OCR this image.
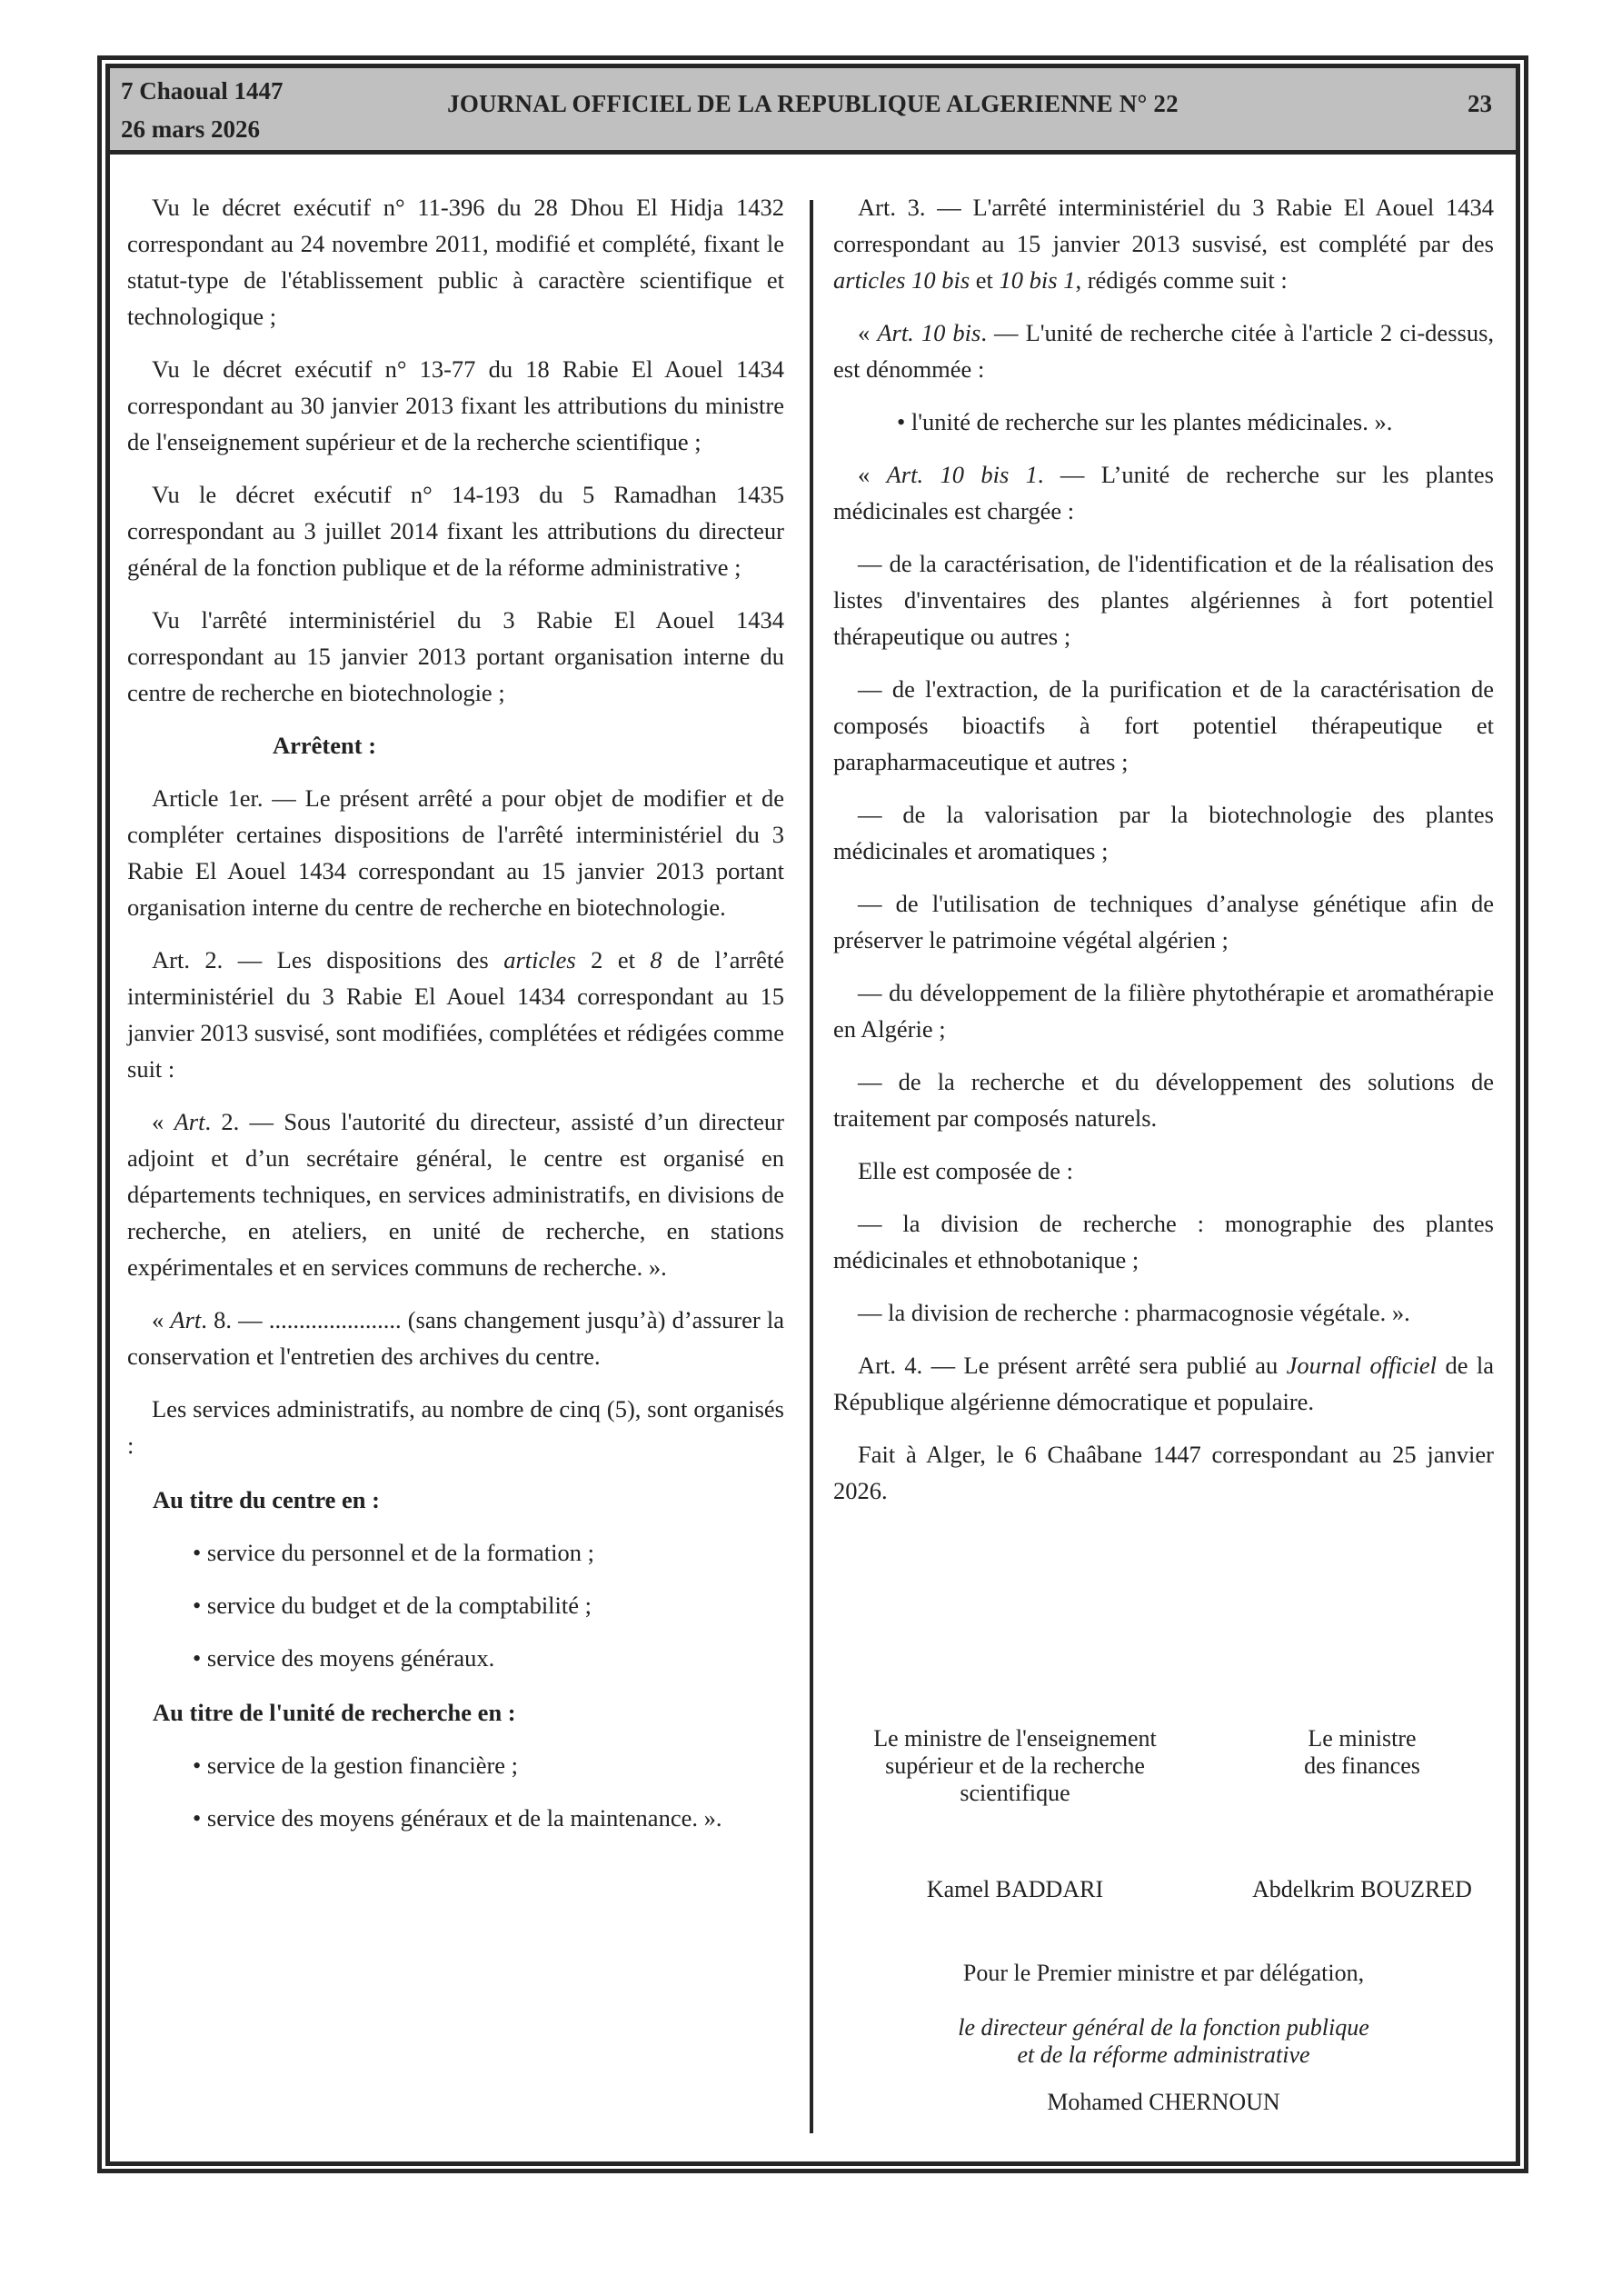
7 Chaoual 1447
26 mars 2026
JOURNAL OFFICIEL DE LA REPUBLIQUE ALGERIENNE N° 22	23

Vu le décret exécutif n° 11-396 du 28 Dhou El Hidja 1432 correspondant au 24 novembre 2011, modifié et complété, fixant le statut-type de l'établissement public à caractère scientifique et technologique ;

Vu le décret exécutif n° 13-77 du 18 Rabie El Aouel 1434 correspondant au 30 janvier 2013 fixant les attributions du ministre de l'enseignement supérieur et de la recherche scientifique ;

Vu le décret exécutif n° 14-193 du 5 Ramadhan 1435 correspondant au 3 juillet 2014 fixant les attributions du directeur général de la fonction publique et de la réforme administrative ;

Vu l'arrêté interministériel du 3 Rabie El Aouel 1434 correspondant au 15 janvier 2013 portant organisation interne du centre de recherche en biotechnologie ;

Arrêtent :

Article 1er. — Le présent arrêté a pour objet de modifier et de compléter certaines dispositions de l'arrêté interministériel du 3 Rabie El Aouel 1434 correspondant au 15 janvier 2013 portant organisation interne du centre de recherche en biotechnologie.

Art. 2. — Les dispositions des articles 2 et 8 de l’arrêté interministériel du 3 Rabie El Aouel 1434 correspondant au 15 janvier 2013 susvisé, sont modifiées, complétées et rédigées comme suit :

« Art. 2. — Sous l'autorité du directeur, assisté d’un directeur adjoint et d’un secrétaire général, le centre est organisé en départements techniques, en services administratifs, en divisions de recherche, en ateliers, en unité de recherche, en stations expérimentales et en services communs de recherche. ».

« Art. 8. — ...................... (sans changement jusqu’à) d’assurer la conservation et l'entretien des archives du centre.

Les services administratifs, au nombre de cinq (5), sont organisés :

Au titre du centre en :
• service du personnel et de la formation ;
• service du budget et de la comptabilité ;
• service des moyens généraux.
Au titre de l'unité de recherche en :
• service de la gestion financière ;
• service des moyens généraux et de la maintenance. ».

Art. 3. — L'arrêté interministériel du 3 Rabie El Aouel 1434 correspondant au 15 janvier 2013 susvisé, est complété par des articles 10 bis et 10 bis 1, rédigés comme suit :

« Art. 10 bis. — L'unité de recherche citée à l'article 2 ci-dessus, est dénommée :

• l'unité de recherche sur les plantes médicinales. ».

« Art. 10 bis 1. — L’unité de recherche sur les plantes médicinales est chargée :

— de la caractérisation, de l'identification et de la réalisation des listes d'inventaires des plantes algériennes à fort potentiel thérapeutique ou autres ;

— de l'extraction, de la purification et de la caractérisation de composés bioactifs à fort potentiel thérapeutique et parapharmaceutique et autres ;

— de la valorisation par la biotechnologie des plantes médicinales et aromatiques ;

— de l'utilisation de techniques d’analyse génétique afin de préserver le patrimoine végétal algérien ;

— du développement de la filière phytothérapie et aromathérapie en Algérie ;

— de la recherche et du développement des solutions de traitement par composés naturels.

Elle est composée de :

— la division de recherche : monographie des plantes médicinales et ethnobotanique ;

— la division de recherche : pharmacognosie végétale. ».

Art. 4. — Le présent arrêté sera publié au Journal officiel de la République algérienne démocratique et populaire.

Fait à Alger, le 6 Chaâbane 1447 correspondant au 25 janvier 2026.

Le ministre de l'enseignement
supérieur et de la recherche
scientifique
Le ministre
des finances
Kamel BADDARI	Abdelkrim BOUZRED
Pour le Premier ministre et par délégation,
le directeur général de la fonction publique
et de la réforme administrative
Mohamed CHERNOUN
